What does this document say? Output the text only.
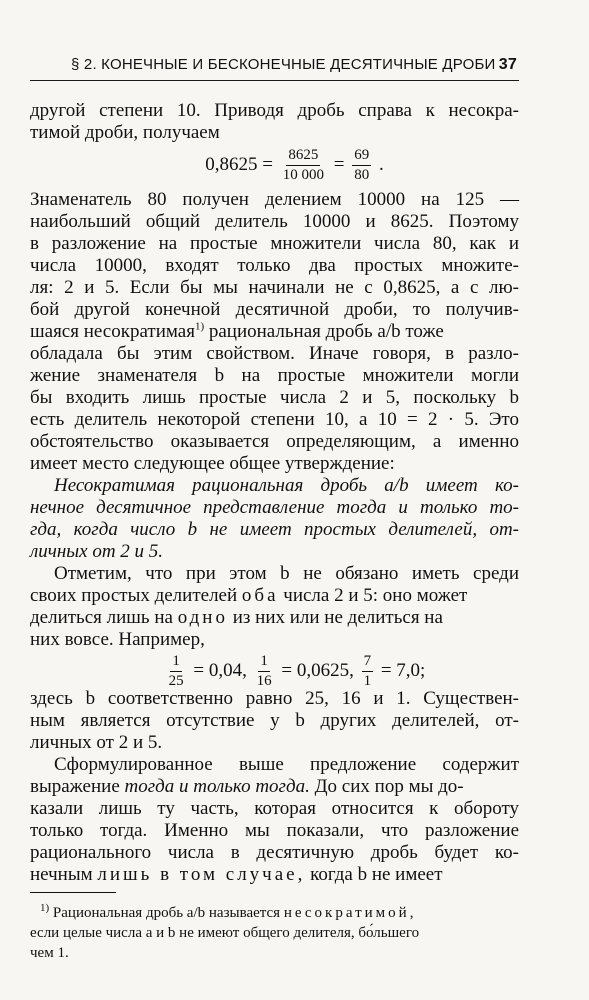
§ 2. КОНЕЧНЫЕ И БЕСКОНЕЧНЫЕ ДЕСЯТИЧНЫЕ ДРОБИ 37
другой степени 10. Приводя дробь справа к несокра-
тимой дроби, получаем
$0,8625 = \frac{8625}{10 000} = \frac{69}{80}$ .
Знаменатель 80 получен делением 10000 на 125 —
наибольший общий делитель 10000 и 8625. Поэтому
в разложение на простые множители числа 80, как и
числа 10000, входят только два простых множите-
ля: 2 и 5. Если бы мы начинали не с 0,8625, а с лю-
бой другой конечной десятичной дроби, то получив-
шаяся несократимая$^{1)}$ рациональная дробь a/b тоже
обладала бы этим свойством. Иначе говоря, в разло-
жение знаменателя b на простые множители могли
бы входить лишь простые числа 2 и 5, поскольку b
есть делитель некоторой степени 10, а 10 = 2 · 5. Это
обстоятельство оказывается определяющим, а именно
имеет место следующее общее утверждение:
Несократимая рациональная дробь a/b имеет ко-
нечное десятичное представление тогда и только то-
гда, когда число b не имеет простых делителей, от-
личных от 2 и 5.
Отметим, что при этом b не обязано иметь среди
своих простых делителей оба числа 2 и 5: оно может
делиться лишь на одно из них или не делиться на
них вовсе. Например,
$\frac{1}{25} = 0,04$, $\frac{1}{16} = 0,0625$, $\frac{7}{1} = 7,0$;
здесь b соответственно равно 25, 16 и 1. Существен-
ным является отсутствие у b других делителей, от-
личных от 2 и 5.
Сформулированное выше предложение содержит
выражение тогда и только тогда. До сих пор мы до-
казали лишь ту часть, которая относится к обороту
только тогда. Именно мы показали, что разложение
рационального числа в десятичную дробь будет ко-
нечным лишь в том случае, когда b не имеет
$^{1)}$ Рациональная дробь a/b называется несократимой,
если целые числа a и b не имеют общего делителя, бо́льшего
чем 1.
